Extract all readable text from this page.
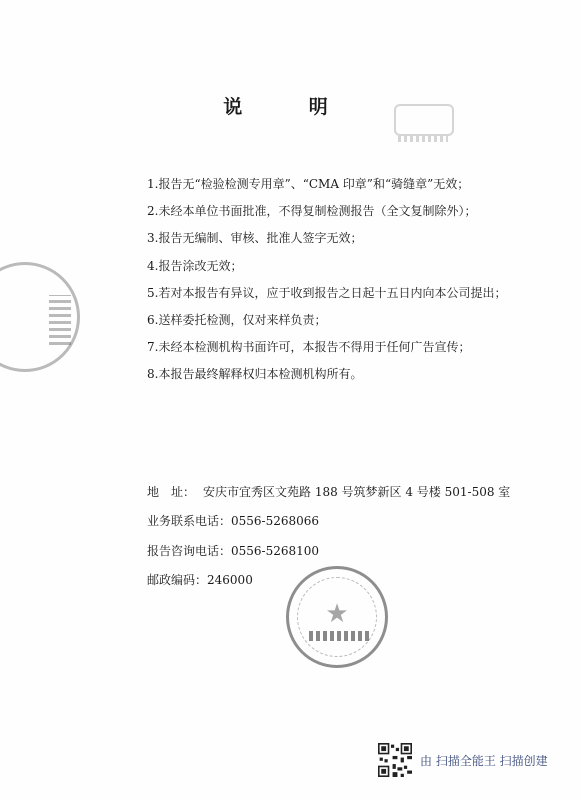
说 明
1.报告无“检验检测专用章”、“CMA 印章”和“骑缝章”无效；
2.未经本单位书面批准，不得复制检测报告（全文复制除外）；
3.报告无编制、审核、批准人签字无效；
4.报告涂改无效；
5.若对本报告有异议，应于收到报告之日起十五日内向本公司提出；
6.送样委托检测，仅对来样负责；
7.未经本检测机构书面许可，本报告不得用于任何广告宣传；
8.本报告最终解释权归本检测机构所有。
地　址： 安庆市宜秀区文苑路 188 号筑梦新区 4 号楼 501-508 室
业务联系电话：0556-5268066
报告咨询电话：0556-5268100
邮政编码：246000
★
由 扫描全能王 扫描创建
